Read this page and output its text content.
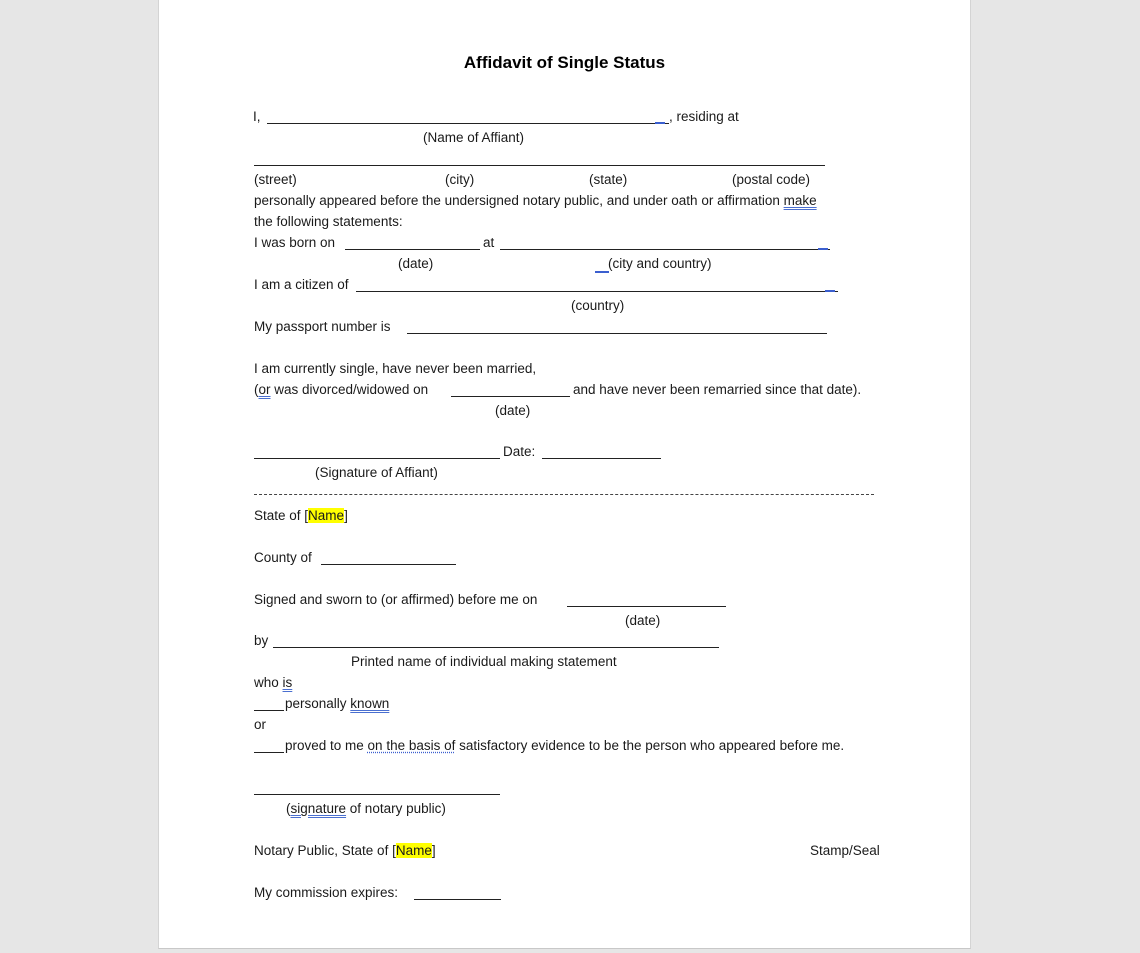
Affidavit of Single Status
I,	, residing at
(Name of Affiant)
(street)	(city)	(state)	(postal code)
personally appeared before the undersigned notary public, and under oath or affirmation make
the following statements:
I was born on	at
(date)	(city and country)
I am a citizen of
(country)
My passport number is
I am currently single, have never been married,
(or was divorced/widowed on	and have never been remarried since that date).
(date)
Date:
(Signature of Affiant)
State of [Name]
County of
Signed and sworn to (or affirmed) before me on
(date)
by
Printed name of individual making statement
who is
personally known
or
proved to me on the basis of satisfactory evidence to be the person who appeared before me.
(signature of notary public)
Notary Public, State of [Name]	Stamp/Seal
My commission expires:
